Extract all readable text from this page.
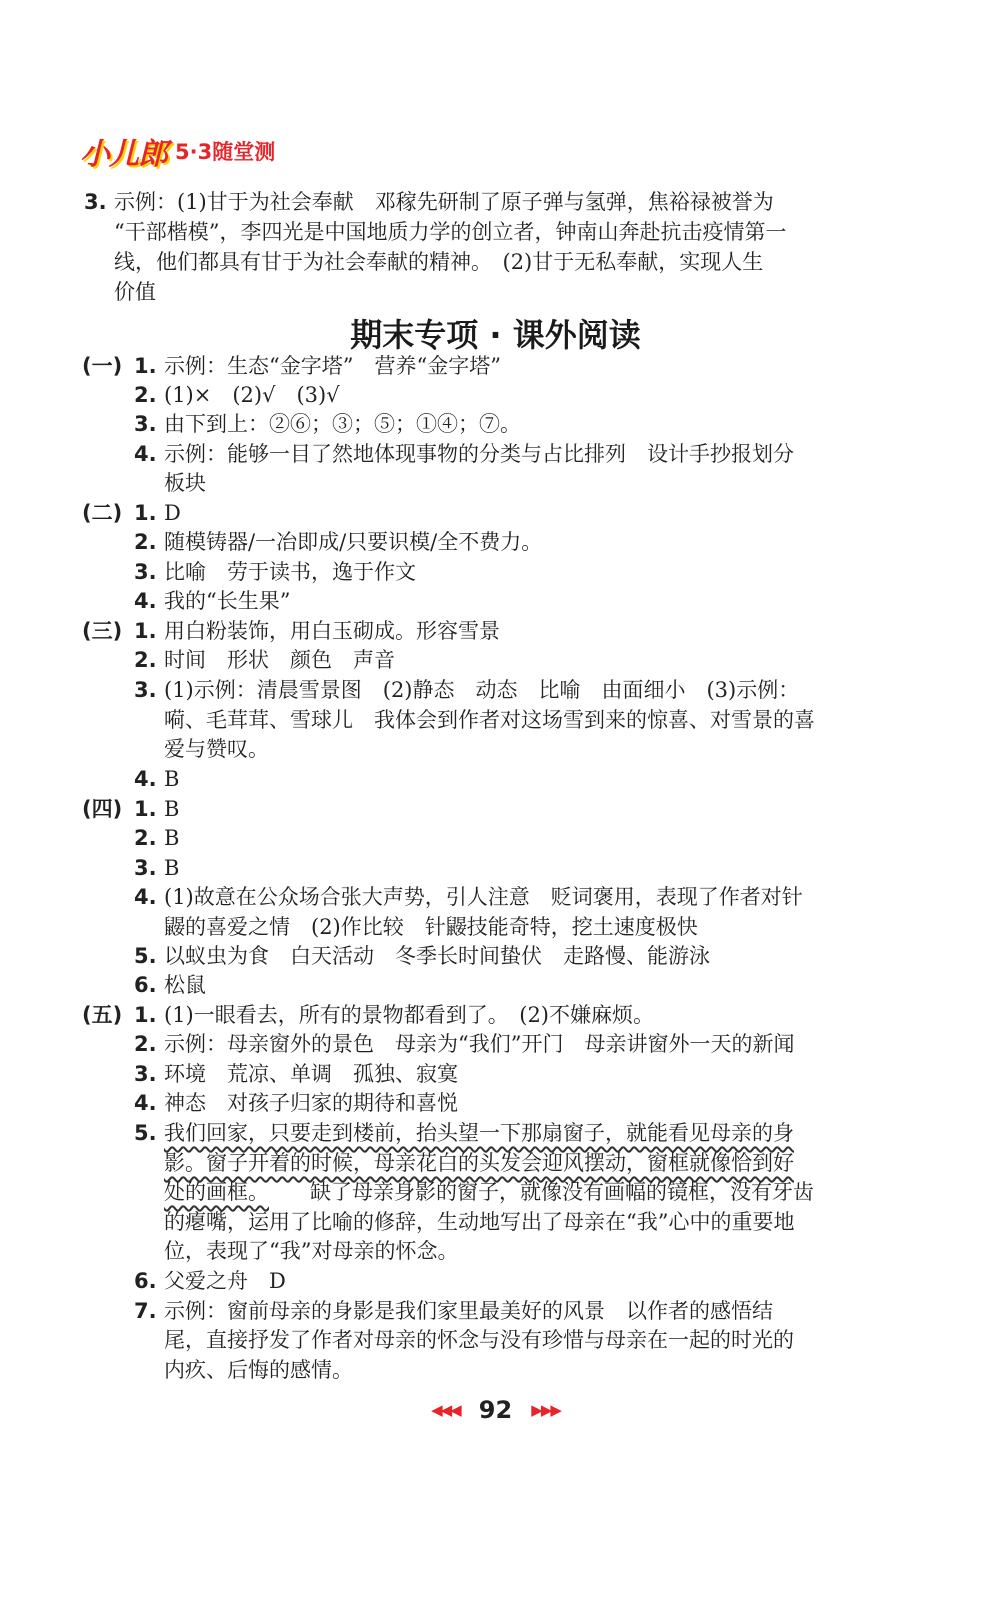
小儿郎 5·3随堂测
3. 示例：(1)甘于为社会奉献　邓稼先研制了原子弹与氢弹，焦裕禄被誉为
“干部楷模”，李四光是中国地质力学的创立者，钟南山奔赴抗击疫情第一
线，他们都具有甘于为社会奉献的精神。　(2)甘于无私奉献，实现人生
价值
期末专项 · 课外阅读
(一) 1. 示例：生态“金字塔”　营养“金字塔”
2. (1)×　(2)√　(3)√
3. 由下到上：②⑥；③；⑤；①④；⑦。
4. 示例：能够一目了然地体现事物的分类与占比排列　设计手抄报划分
板块
(二) 1. D
2. 随模铸器/一冶即成/只要识模/全不费力。
3. 比喻　劳于读书，逸于作文
4. 我的“长生果”
(三) 1. 用白粉装饰，用白玉砌成。形容雪景
2. 时间　形状　颜色　声音
3. (1)示例：清晨雪景图　(2)静态　动态　比喻　由面细小　(3)示例：
嗬、毛茸茸、雪球儿　我体会到作者对这场雪到来的惊喜、对雪景的喜
爱与赞叹。
4. B
(四) 1. B
2. B
3. B
4. (1)故意在公众场合张大声势，引人注意　贬词褒用，表现了作者对针
鼹的喜爱之情　(2)作比较　针鼹技能奇特，挖土速度极快
5. 以蚁虫为食　白天活动　冬季长时间蛰伏　走路慢、能游泳
6. 松鼠
(五) 1. (1)一眼看去，所有的景物都看到了。　(2)不嫌麻烦。
2. 示例：母亲窗外的景色　母亲为“我们”开门　母亲讲窗外一天的新闻
3. 环境　荒凉、单调　孤独、寂寞
4. 神态　对孩子归家的期待和喜悦
5. 我们回家，只要走到楼前，抬头望一下那扇窗子，就能看见母亲的身
影。窗子开着的时候，母亲花白的头发会迎风摆动，窗框就像恰到好
处的画框。 缺了母亲身影的窗子，就像没有画幅的镜框，没有牙齿
的瘪嘴，运用了比喻的修辞，生动地写出了母亲在“我”心中的重要地
位，表现了“我”对母亲的怀念。
6. 父爱之舟　D
7. 示例：窗前母亲的身影是我们家里最美好的风景　以作者的感悟结
尾，直接抒发了作者对母亲的怀念与没有珍惜与母亲在一起的时光的
内疚、后悔的感情。
◀◀◀ 92 ▶▶▶
